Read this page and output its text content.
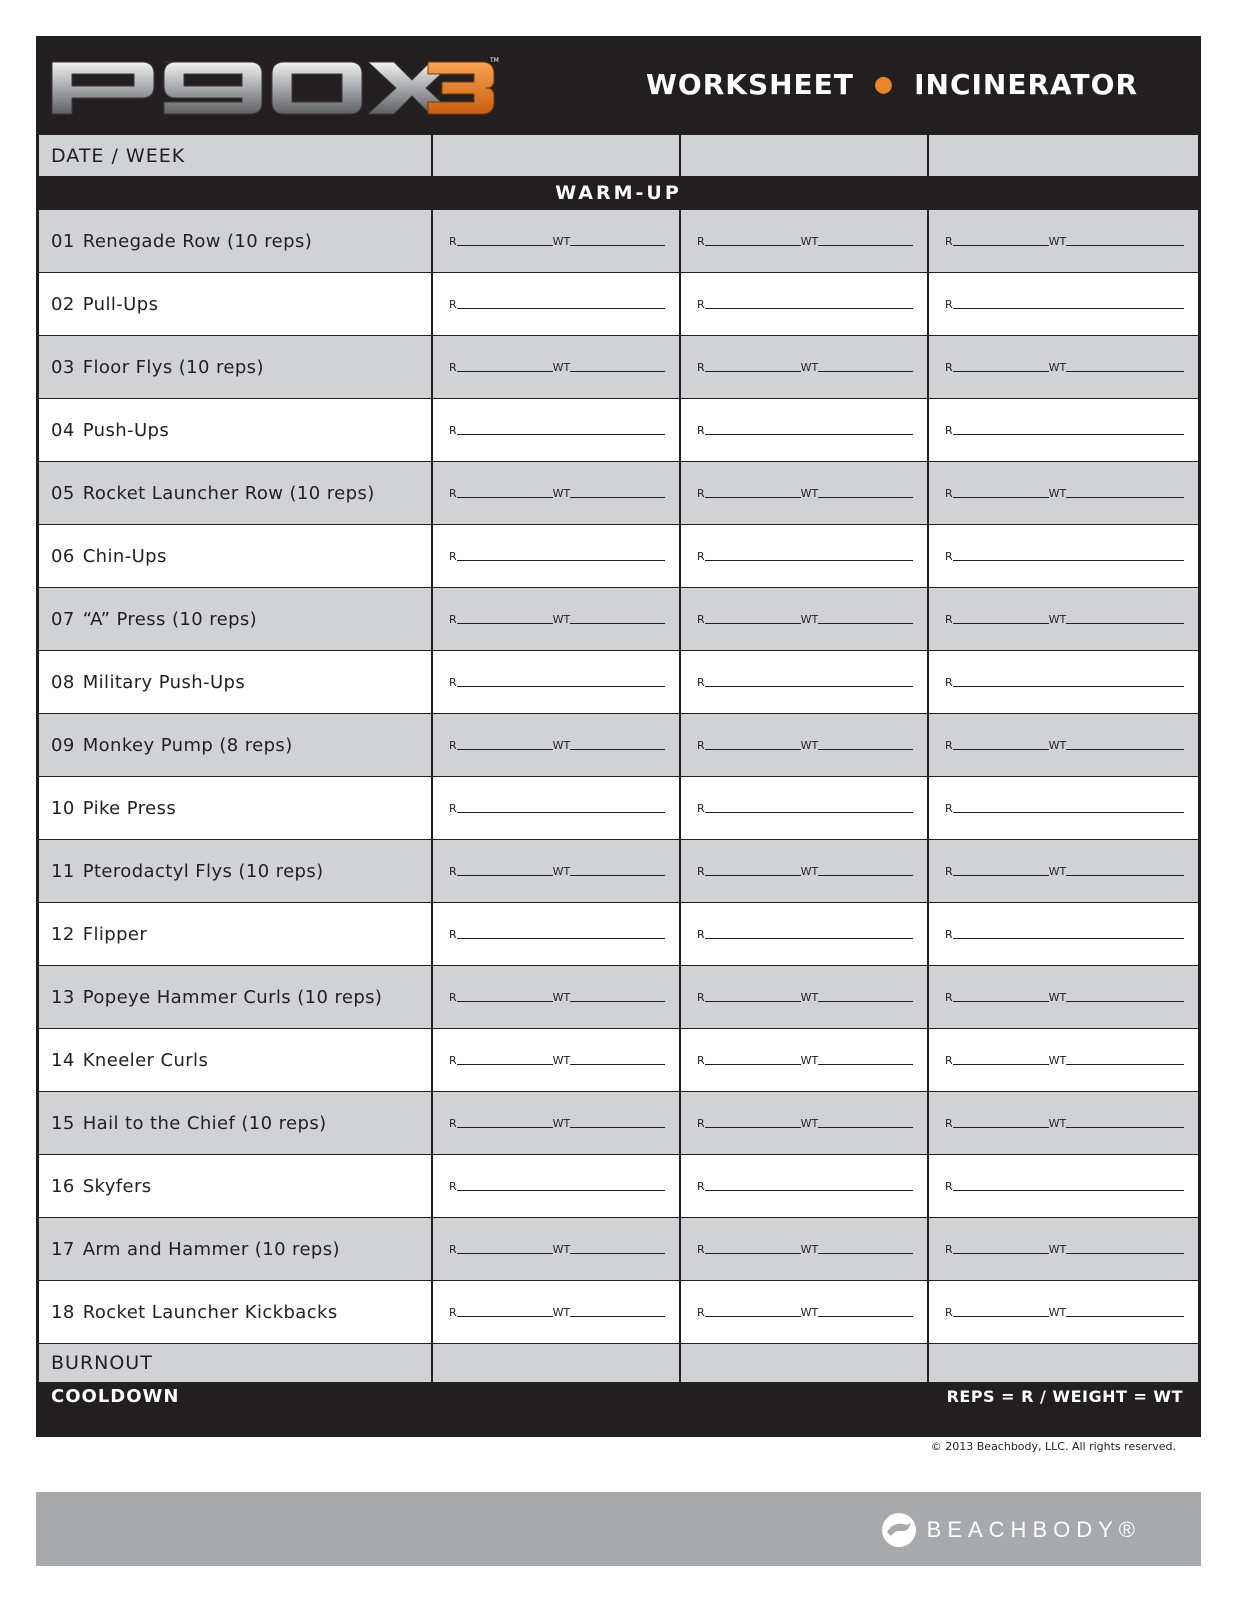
TM
WORKSHEET ● INCINERATOR
DATE / WEEK			
WARM-UP			
01 Renegade Row (10 reps)	R WT	R WT	R WT

02 Pull-Ups	R	R	R

03 Floor Flys (10 reps)	R WT	R WT	R WT

04 Push-Ups	R	R	R

05 Rocket Launcher Row (10 reps)	R WT	R WT	R WT

06 Chin-Ups	R	R	R

07 “A” Press (10 reps)	R WT	R WT	R WT

08 Military Push-Ups	R	R	R

09 Monkey Pump (8 reps)	R WT	R WT	R WT

10 Pike Press	R	R	R

11 Pterodactyl Flys (10 reps)	R WT	R WT	R WT

12 Flipper	R	R	R

13 Popeye Hammer Curls (10 reps)	R WT	R WT	R WT

14 Kneeler Curls	R WT	R WT	R WT

15 Hail to the Chief (10 reps)	R WT	R WT	R WT

16 Skyfers	R	R	R

17 Arm and Hammer (10 reps)	R WT	R WT	R WT

18 Rocket Launcher Kickbacks	R WT	R WT	R WT

BURNOUT			
COOLDOWN	REPS = R / WEIGHT = WT
© 2013 Beachbody, LLC. All rights reserved.
BEACHBODY®
